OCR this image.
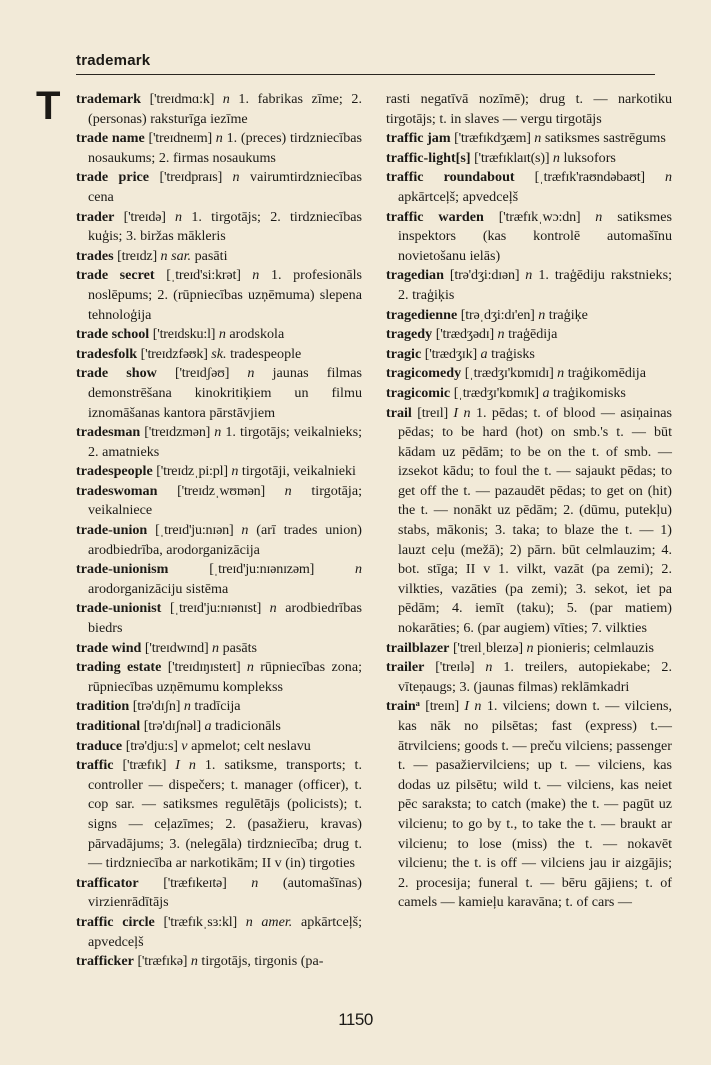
trademark
T trademark ['treɪdmɑ:k] n 1. fabrikas zīme; 2. (personas) raksturīga iezīme

trade name ['treɪdneɪm] n 1. (preces) tirdzniecības nosaukums; 2. firmas nosaukums

trade price ['treɪdpraɪs] n vairumtirdzniecības cena

trader ['treɪdə] n 1. tirgotājs; 2. tirdzniecības kuģis; 3. biržas mākleris

trades [treɪdz] n sar. pasāti

trade secret [ˌtreɪd'si:krət] n 1. profesionāls noslēpums; 2. (rūpniecības uzņēmuma) slepena tehnoloģija

trade school ['treɪdsku:l] n arodskola

tradesfolk ['treɪdzfəʊk] sk. tradespeople

trade show ['treɪdʃəʊ] n jaunas filmas demonstrēšana kinokritiķiem un filmu iznomāšanas kantora pārstāvjiem

tradesman ['treɪdzmən] n 1. tirgotājs; veikalnieks; 2. amatnieks

tradespeople ['treɪdzˌpi:pl] n tirgotāji, veikalnieki

tradeswoman ['treɪdzˌwʊmən] n tirgotāja; veikalniece

trade-union [ˌtreɪd'ju:nɪən] n (arī trades union) arodbiedrība, arodorganizācija

trade-unionism	[ˌtreɪd'ju:nɪənɪzəm]	n arodorganizāciju sistēma

trade-unionist [ˌtreɪd'ju:nɪənɪst] n arodbiedrības biedrs

trade wind ['treɪdwɪnd] n pasāts

trading estate ['treɪdɪŋɪsteɪt] n rūpniecības zona; rūpniecības uzņēmumu komplekss

tradition [trə'dɪʃn] n tradīcija

traditional [trə'dɪʃnəl] a tradicionāls

traduce [trə'dju:s] v apmelot; celt neslavu

traffic ['træfɪk] I n 1. satiksme, transports; t. controller — dispečers; t. manager (officer), t. cop sar. — satiksmes regulētājs (policists); t. signs — ceļazīmes; 2. (pasažieru, kravas) pārvadājums; 3. (nelegāla) tirdzniecība; drug t. — tirdzniecība ar narkotikām; II v (in) tirgoties

trafficator ['træfɪkeɪtə] n (automašīnas) virzienrādītājs

traffic circle ['træfɪkˌsɜ:kl] n amer. apkārtceļš; apvedceļš

trafficker ['træfɪkə] n tirgotājs, tirgonis (pa-

rasti negatīvā nozīmē); drug t. — narkotiku tirgotājs; t. in slaves — vergu tirgotājs

traffic jam ['træfɪkdʒæm] n satiksmes sastrēgums

traffic-light[s] ['træfɪklaɪt(s)] n luksofors

traffic roundabout [ˌtræfɪk'raʊndəbaʊt] n apkārtceļš; apvedceļš

traffic warden ['træfɪkˌwɔ:dn] n satiksmes inspektors (kas kontrolē automašīnu novietošanu ielās)

tragedian [trə'dʒi:dɪən] n 1. traģēdiju rakstnieks; 2. traģiķis

tragedienne [trəˌdʒi:dɪ'en] n traģiķe

tragedy ['trædʒədɪ] n traģēdija

tragic ['trædʒɪk] a traģisks

tragicomedy [ˌtrædʒɪ'kɒmɪdɪ] n traģikomēdija

tragicomic [ˌtrædʒɪ'kɒmɪk] a traģikomisks

trail [treɪl] I n 1. pēdas; t. of blood — asiņainas pēdas; to be hard (hot) on smb.'s t. — būt kādam uz pēdām; to be on the t. of smb. — izsekot kādu; to foul the t. — sajaukt pēdas; to get off the t. — pazaudēt pēdas; to get on (hit) the t. — nonākt uz pēdām; 2. (dūmu, putekļu) stabs, mākonis; 3. taka; to blaze the t. — 1) lauzt ceļu (mežā); 2) pārn. būt celmlauzim; 4. bot. stīga; II v 1. vilkt, vazāt (pa zemi); 2. vilkties, vazāties (pa zemi); 3. sekot, iet pa pēdām; 4. iemīt (taku); 5. (par matiem) nokarāties; 6. (par augiem) vīties; 7. vilkties

trailblazer ['treɪlˌbleɪzə] n pionieris; celmlauzis

trailer ['treɪlə] n 1. treilers, autopiekabe; 2. vīteņaugs; 3. (jaunas filmas) reklāmkadri

trainᵃ [treɪn] I n 1. vilciens; down t. — vilciens, kas nāk no pilsētas; fast (express) t.— ātrvilciens; goods t. — preču vilciens; passenger t. — pasažiervilciens; up t. — vilciens, kas dodas uz pilsētu; wild t. — vilciens, kas neiet pēc saraksta; to catch (make) the t. — pagūt uz vilcienu; to go by t., to take the t. — braukt ar vilcienu; to lose (miss) the t. — nokavēt vilcienu; the t. is off — vilciens jau ir aizgājis; 2. procesija; funeral t. — bēru gājiens; t. of camels — kamieļu karavāna; t. of cars —

1150
